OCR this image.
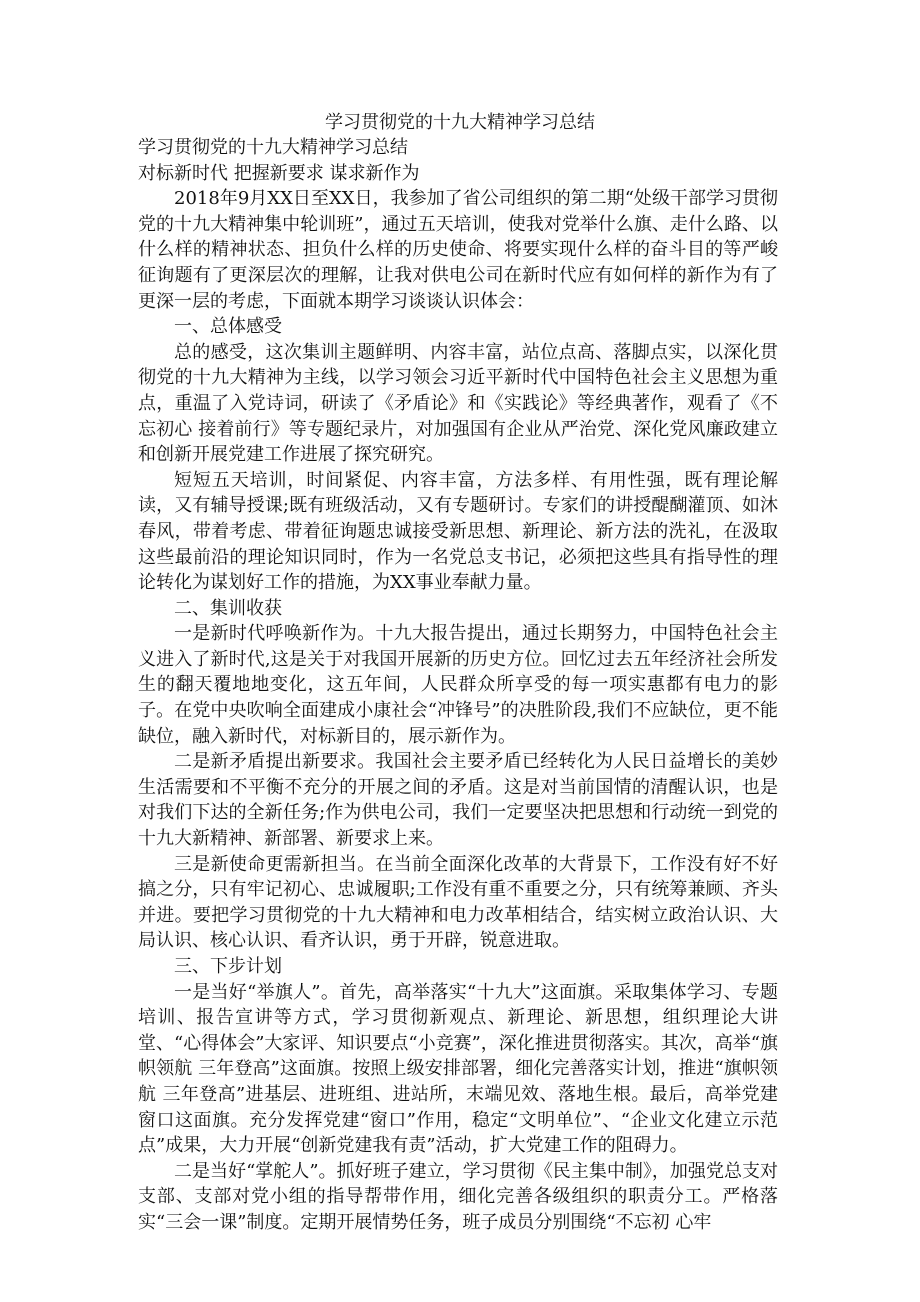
学习贯彻党的十九大精神学习总结

学习贯彻党的十九大精神学习总结

对标新时代 把握新要求 谋求新作为

2018年9月XX日至XX日，我参加了省公司组织的第二期“处级干部学习贯彻党的十九大精神集中轮训班”，通过五天培训，使我对党举什么旗、走什么路、以什么样的精神状态、担负什么样的历史使命、将要实现什么样的奋斗目的等严峻征询题有了更深层次的理解，让我对供电公司在新时代应有如何样的新作为有了更深一层的考虑，下面就本期学习谈谈认识体会：

一、总体感受

总的感受，这次集训主题鲜明、内容丰富，站位点高、落脚点实，以深化贯彻党的十九大精神为主线，以学习领会习近平新时代中国特色社会主义思想为重点，重温了入党诗词，研读了《矛盾论》和《实践论》等经典著作，观看了《不忘初心 接着前行》等专题纪录片，对加强国有企业从严治党、深化党风廉政建立和创新开展党建工作进展了探究研究。

短短五天培训，时间紧促、内容丰富，方法多样、有用性强，既有理论解读，又有辅导授课;既有班级活动，又有专题研讨。专家们的讲授醍醐灌顶、如沐春风，带着考虑、带着征询题忠诚接受新思想、新理论、新方法的洗礼，在汲取这些最前沿的理论知识同时，作为一名党总支书记，必须把这些具有指导性的理论转化为谋划好工作的措施，为XX事业奉献力量。

二、集训收获

一是新时代呼唤新作为。十九大报告提出，通过长期努力，中国特色社会主义进入了新时代,这是关于对我国开展新的历史方位。回忆过去五年经济社会所发生的翻天覆地地变化，这五年间，人民群众所享受的每一项实惠都有电力的影子。在党中央吹响全面建成小康社会“冲锋号”的决胜阶段,我们不应缺位，更不能缺位，融入新时代，对标新目的，展示新作为。

二是新矛盾提出新要求。我国社会主要矛盾已经转化为人民日益增长的美妙生活需要和不平衡不充分的开展之间的矛盾。这是对当前国情的清醒认识，也是对我们下达的全新任务;作为供电公司，我们一定要坚决把思想和行动统一到党的十九大新精神、新部署、新要求上来。

三是新使命更需新担当。在当前全面深化改革的大背景下，工作没有好不好搞之分，只有牢记初心、忠诚履职;工作没有重不重要之分，只有统筹兼顾、齐头并进。要把学习贯彻党的十九大精神和电力改革相结合，结实树立政治认识、大局认识、核心认识、看齐认识，勇于开辟，锐意进取。

三、下步计划

一是当好“举旗人”。首先，高举落实“十九大”这面旗。采取集体学习、专题培训、报告宣讲等方式，学习贯彻新观点、新理论、新思想，组织理论大讲堂、“心得体会”大家评、知识要点“小竞赛”，深化推进贯彻落实。其次，高举“旗帜领航 三年登高”这面旗。按照上级安排部署，细化完善落实计划，推进“旗帜领航 三年登高”进基层、进班组、进站所，末端见效、落地生根。最后，高举党建窗口这面旗。充分发挥党建“窗口”作用，稳定“文明单位”、“企业文化建立示范点”成果，大力开展“创新党建我有责”活动，扩大党建工作的阻碍力。

二是当好“掌舵人”。抓好班子建立，学习贯彻《民主集中制》，加强党总支对支部、支部对党小组的指导帮带作用，细化完善各级组织的职责分工。严格落实“三会一课”制度。定期开展情势任务，班子成员分别围绕“不忘初 心牢
